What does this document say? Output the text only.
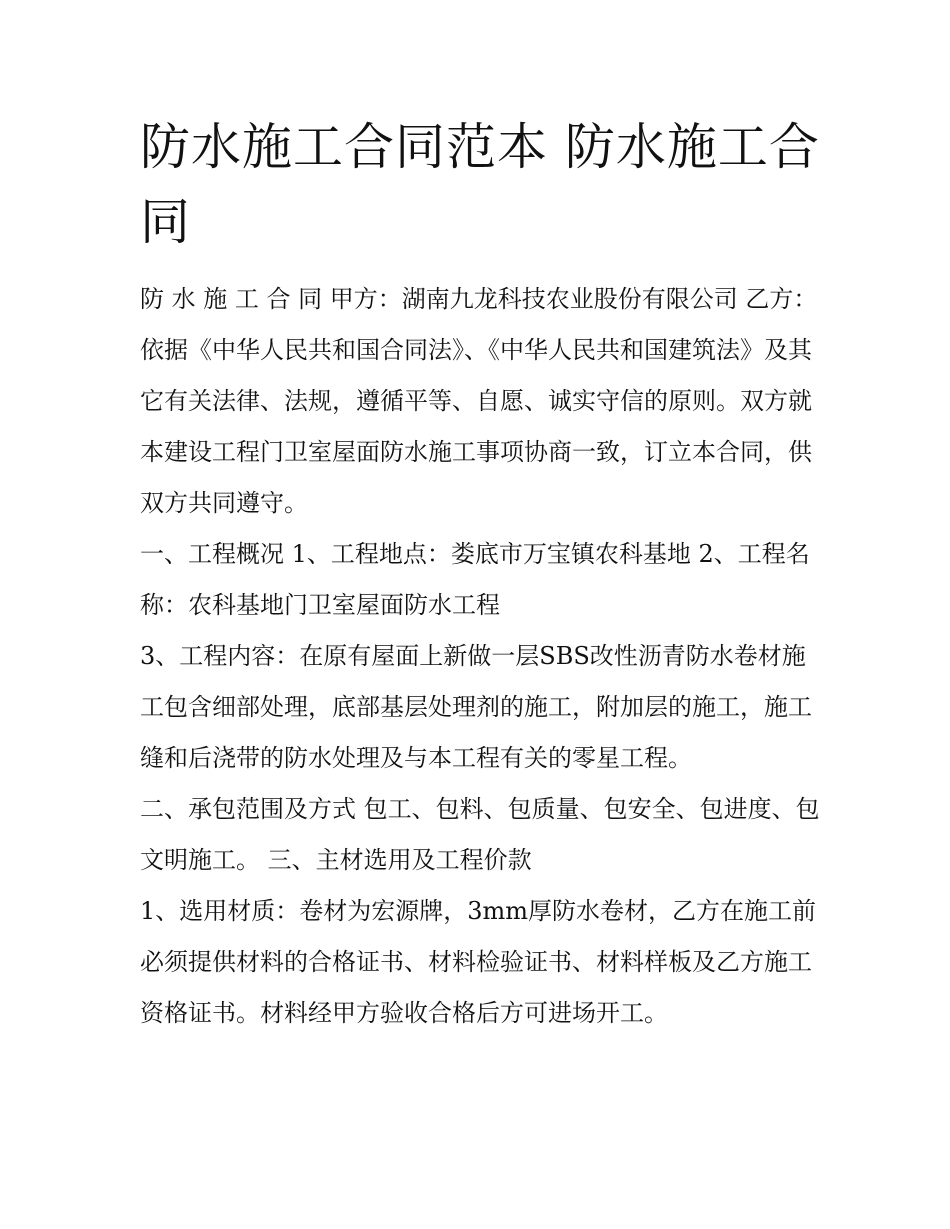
防水施工合同范本 防水施工合同

防 水 施 工 合 同 甲方：湖南九龙科技农业股份有限公司 乙方：

依据《中华人民共和国合同法》、《中华人民共和国建筑法》及其它有关法律、法规，遵循平等、自愿、诚实守信的原则。双方就本建设工程门卫室屋面防水施工事项协商一致，订立本合同，供双方共同遵守。

一、工程概况 1、工程地点：娄底市万宝镇农科基地 2、工程名称：农科基地门卫室屋面防水工程

3、工程内容：在原有屋面上新做一层SBS改性沥青防水卷材施工包含细部处理，底部基层处理剂的施工，附加层的施工，施工缝和后浇带的防水处理及与本工程有关的零星工程。

二、承包范围及方式 包工、包料、包质量、包安全、包进度、包文明施工。 三、主材选用及工程价款

1、选用材质：卷材为宏源牌，3mm厚防水卷材，乙方在施工前必须提供材料的合格证书、材料检验证书、材料样板及乙方施工资格证书。材料经甲方验收合格后方可进场开工。
